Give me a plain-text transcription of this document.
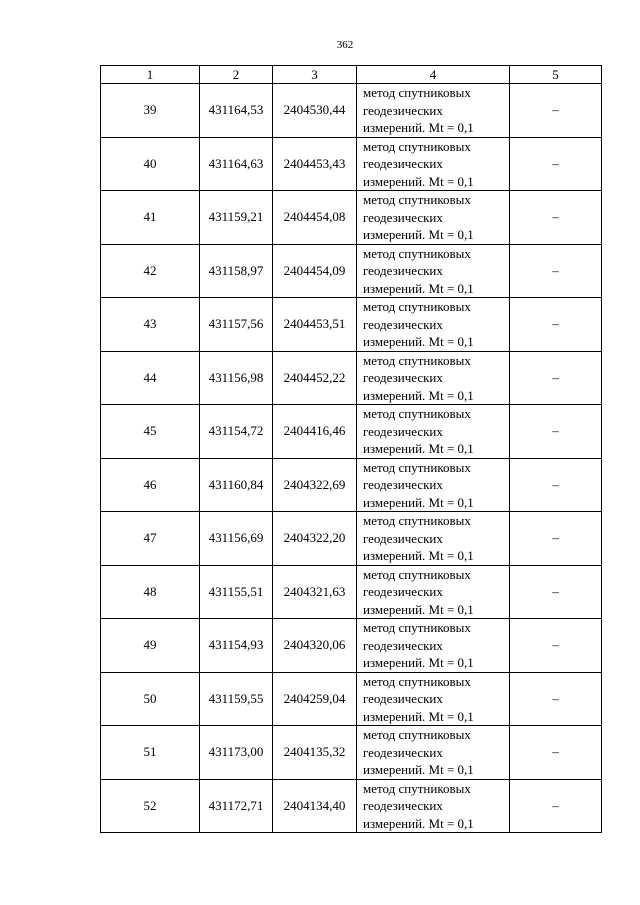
362
1	2	3	4	5
39	431164,53	2404530,44	метод спутниковых
геодезических
измерений. Mt = 0,1	–
40	431164,63	2404453,43	метод спутниковых
геодезических
измерений. Mt = 0,1	–
41	431159,21	2404454,08	метод спутниковых
геодезических
измерений. Mt = 0,1	–
42	431158,97	2404454,09	метод спутниковых
геодезических
измерений. Mt = 0,1	–
43	431157,56	2404453,51	метод спутниковых
геодезических
измерений. Mt = 0,1	–
44	431156,98	2404452,22	метод спутниковых
геодезических
измерений. Mt = 0,1	–
45	431154,72	2404416,46	метод спутниковых
геодезических
измерений. Mt = 0,1	–
46	431160,84	2404322,69	метод спутниковых
геодезических
измерений. Mt = 0,1	–
47	431156,69	2404322,20	метод спутниковых
геодезических
измерений. Mt = 0,1	–
48	431155,51	2404321,63	метод спутниковых
геодезических
измерений. Mt = 0,1	–
49	431154,93	2404320,06	метод спутниковых
геодезических
измерений. Mt = 0,1	–
50	431159,55	2404259,04	метод спутниковых
геодезических
измерений. Mt = 0,1	–
51	431173,00	2404135,32	метод спутниковых
геодезических
измерений. Mt = 0,1	–
52	431172,71	2404134,40	метод спутниковых
геодезических
измерений. Mt = 0,1	–
